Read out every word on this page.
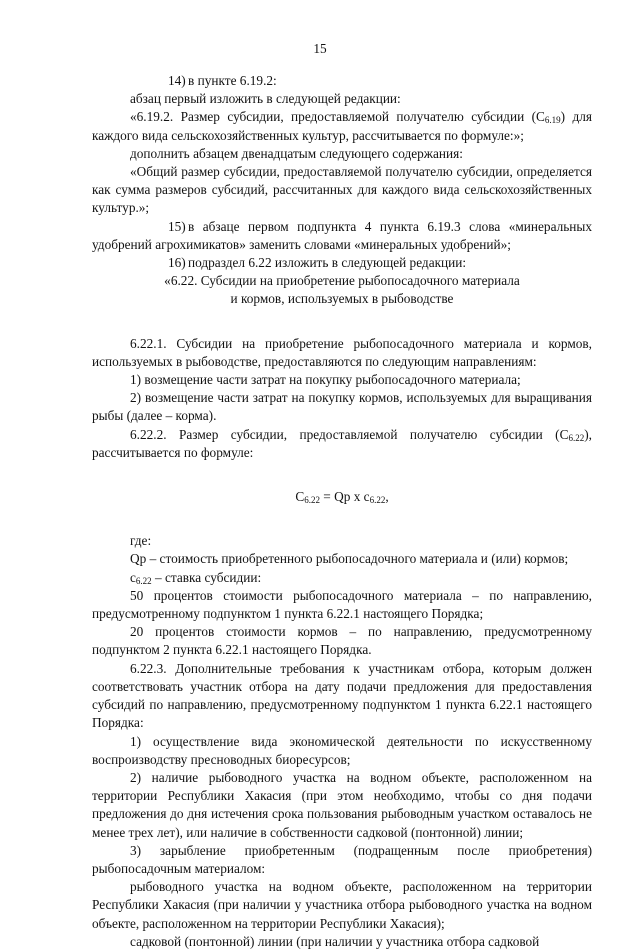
15

14) в пункте 6.19.2:

абзац первый изложить в следующей редакции:

«6.19.2. Размер субсидии, предоставляемой получателю субсидии $(С_{6.19})$ для каждого вида сельскохозяйственных культур, рассчитывается по формуле:»;

дополнить абзацем двенадцатым следующего содержания:

«Общий размер субсидии, предоставляемой получателю субсидии, определяется как сумма размеров субсидий, рассчитанных для каждого вида сельскохозяйственных культур.»;

15) в абзаце первом подпункта 4 пункта 6.19.3 слова «минеральных удобрений агрохимикатов» заменить словами «минеральных удобрений»;

16) подраздел 6.22 изложить в следующей редакции:

«6.22. Субсидии на приобретение рыбопосадочного материала

и кормов, используемых в рыбоводстве

6.22.1. Субсидии на приобретение рыбопосадочного материала и кормов, используемых в рыбоводстве, предоставляются по следующим направлениям:

1) возмещение части затрат на покупку рыбопосадочного материала;

2) возмещение части затрат на покупку кормов, используемых для выращивания рыбы (далее – корма).

6.22.2. Размер субсидии, предоставляемой получателю субсидии $(С_{6.22})$, рассчитывается по формуле:

$С_{6.22}$ = Qр х $с_{6.22}$,

где:

Qр – стоимость приобретенного рыбопосадочного материала и (или) кормов;

$с_{6.22}$ – ставка субсидии:

50 процентов стоимости рыбопосадочного материала – по направлению, предусмотренному подпунктом 1 пункта 6.22.1 настоящего Порядка;

20 процентов стоимости кормов – по направлению, предусмотренному подпунктом 2 пункта 6.22.1 настоящего Порядка.

6.22.3. Дополнительные требования к участникам отбора, которым должен соответствовать участник отбора на дату подачи предложения для предоставления субсидий по направлению, предусмотренному подпунктом 1 пункта 6.22.1 настоящего Порядка:

1) осуществление вида экономической деятельности по искусственному воспроизводству пресноводных биоресурсов;

2) наличие рыбоводного участка на водном объекте, расположенном на территории Республики Хакасия (при этом необходимо, чтобы со дня подачи предложения до дня истечения срока пользования рыбоводным участком оставалось не менее трех лет), или наличие в собственности садковой (понтонной) линии;

3) зарыбление приобретенным (подращенным после приобретения) рыбопосадочным материалом:

рыбоводного участка на водном объекте, расположенном на территории Республики Хакасия (при наличии у участника отбора рыбоводного участка на водном объекте, расположенном на территории Республики Хакасия);

садковой (понтонной) линии (при наличии у участника отбора садковой
